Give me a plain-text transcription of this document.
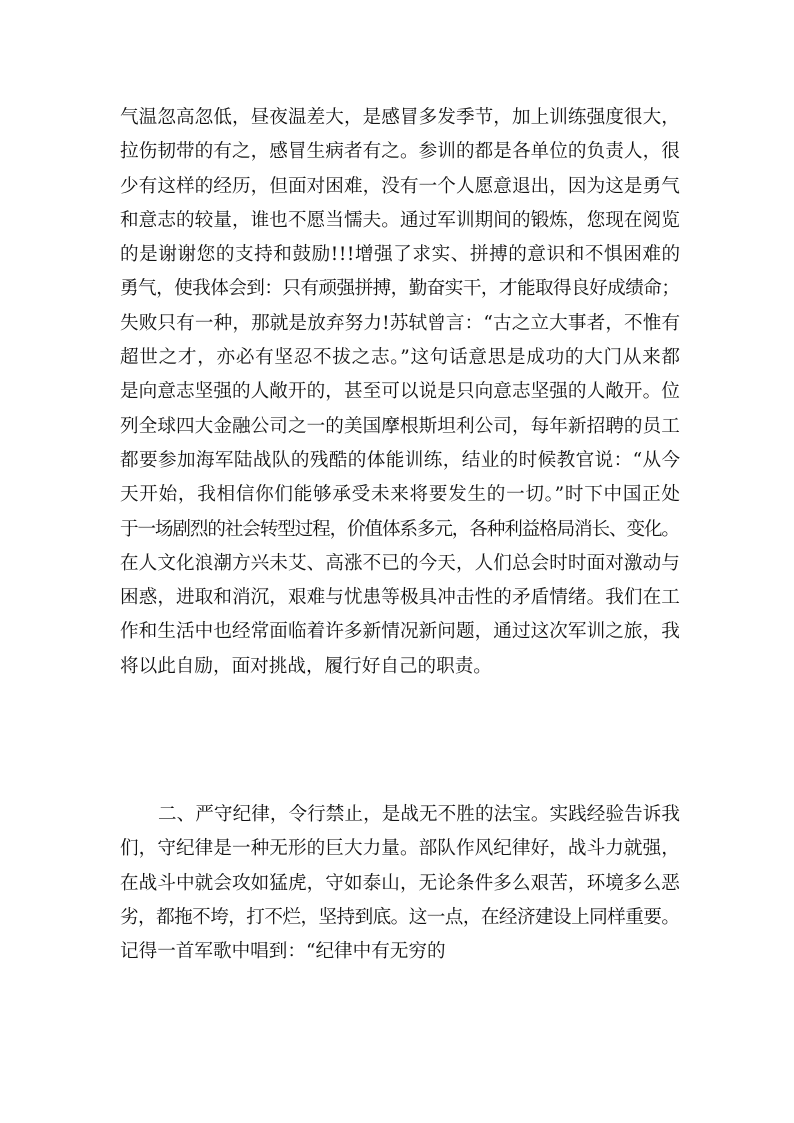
气温忽高忽低，昼夜温差大，是感冒多发季节，加上训练强度很大，
拉伤韧带的有之，感冒生病者有之。参训的都是各单位的负责人，很
少有这样的经历，但面对困难，没有一个人愿意退出，因为这是勇气
和意志的较量，谁也不愿当懦夫。通过军训期间的锻炼，您现在阅览
的是谢谢您的支持和鼓励!!!增强了求实、拼搏的意识和不惧困难的
勇气，使我体会到：只有顽强拼搏，勤奋实干，才能取得良好成绩命；
失败只有一种，那就是放弃努力!苏轼曾言：“古之立大事者，不惟有
超世之才，亦必有坚忍不拔之志。”这句话意思是成功的大门从来都
是向意志坚强的人敞开的，甚至可以说是只向意志坚强的人敞开。位
列全球四大金融公司之一的美国摩根斯坦利公司，每年新招聘的员工
都要参加海军陆战队的残酷的体能训练，结业的时候教官说：“从今
天开始，我相信你们能够承受未来将要发生的一切。”时下中国正处
于一场剧烈的社会转型过程，价值体系多元，各种利益格局消长、变化。
在人文化浪潮方兴未艾、高涨不已的今天，人们总会时时面对激动与
困惑，进取和消沉，艰难与忧患等极具冲击性的矛盾情绪。我们在工
作和生活中也经常面临着许多新情况新问题，通过这次军训之旅，我
将以此自励，面对挑战，履行好自己的职责。
二、严守纪律，令行禁止，是战无不胜的法宝。实践经验告诉我
们，守纪律是一种无形的巨大力量。部队作风纪律好，战斗力就强，
在战斗中就会攻如猛虎，守如泰山，无论条件多么艰苦，环境多么恶
劣，都拖不垮，打不烂，坚持到底。这一点，在经济建设上同样重要。
记得一首军歌中唱到：“纪律中有无穷的
